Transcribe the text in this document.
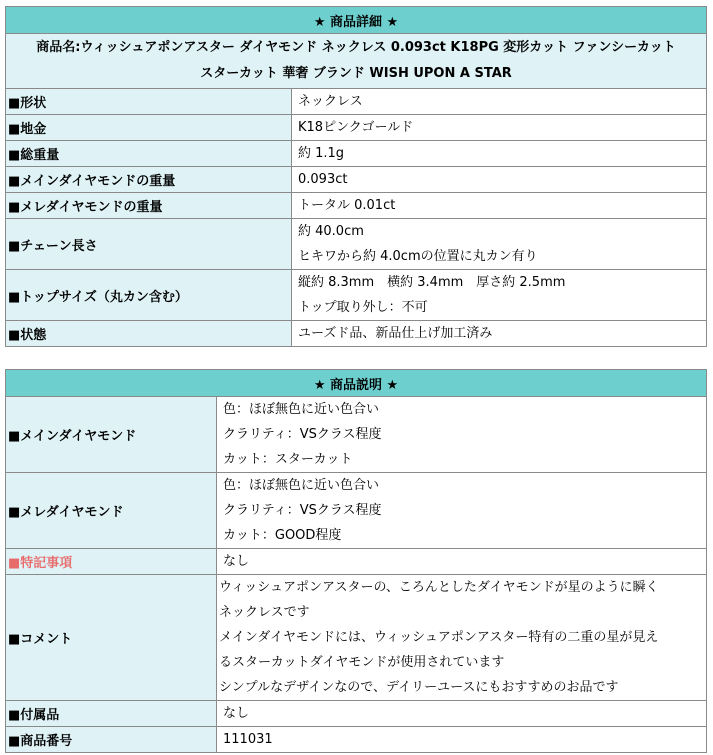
★ 商品詳細 ★	

商品名:ウィッシュアポンアスター ダイヤモンド ネックレス 0.093ct K18PG 変形カット ファンシーカット
スターカット 華奢 ブランド WISH UPON A STAR	

■形状	ネックレス
■地金	K18ピンクゴールド
■総重量	約 1.1g
■メインダイヤモンドの重量	0.093ct
■メレダイヤモンドの重量	トータル 0.01ct
■チェーン長さ	約 40.0cm
ヒキワから約 4.0cmの位置に丸カン有り

■トップサイズ（丸カン含む）	縦約 8.3mm　横約 3.4mm　厚さ約 2.5mm
トップ取り外し：不可

■状態	ユーズド品、新品仕上げ加工済み
★ 商品説明 ★	
■メインダイヤモンド	色：ほぼ無色に近い色合い
クラリティ：VSクラス程度
カット：スターカット

■メレダイヤモンド	色：ほぼ無色に近い色合い
クラリティ：VSクラス程度
カット：GOOD程度

■特記事項	なし
■コメント	ウィッシュアポンアスターの、ころんとしたダイヤモンドが星のように瞬く
ネックレスです
メインダイヤモンドには、ウィッシュアポンアスター特有の二重の星が見え
るスターカットダイヤモンドが使用されています
シンプルなデザインなので、デイリーユースにもおすすめのお品です

■付属品	なし
■商品番号	111031
